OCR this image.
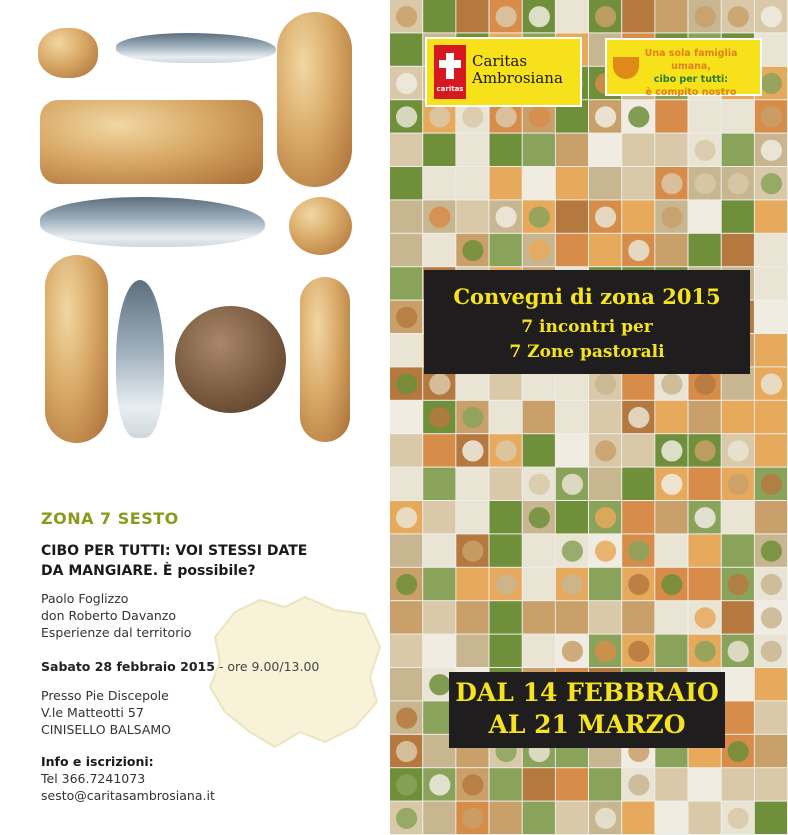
ZONA 7 SESTO

CIBO PER TUTTI: VOI STESSI DATE
DA MANGIARE. È possibile?

Paolo Foglizzo
don Roberto Davanzo
Esperienze dal territorio
Sabato 28 febbraio 2015 - ore 9.00/13.00
Presso Pie Discepole
V.le Matteotti 57
CINISELLO BALSAMO
Info e iscrizioni:
Tel 366.7241073
sesto@caritasambrosiana.it
caritas
Caritas
Ambrosiana
Una sola famiglia umana,
cibo per tutti:
è compito nostro
Convegni di zona 2015
7 incontri per
7 Zone pastorali
DAL 14 FEBBRAIO
AL 21 MARZO
